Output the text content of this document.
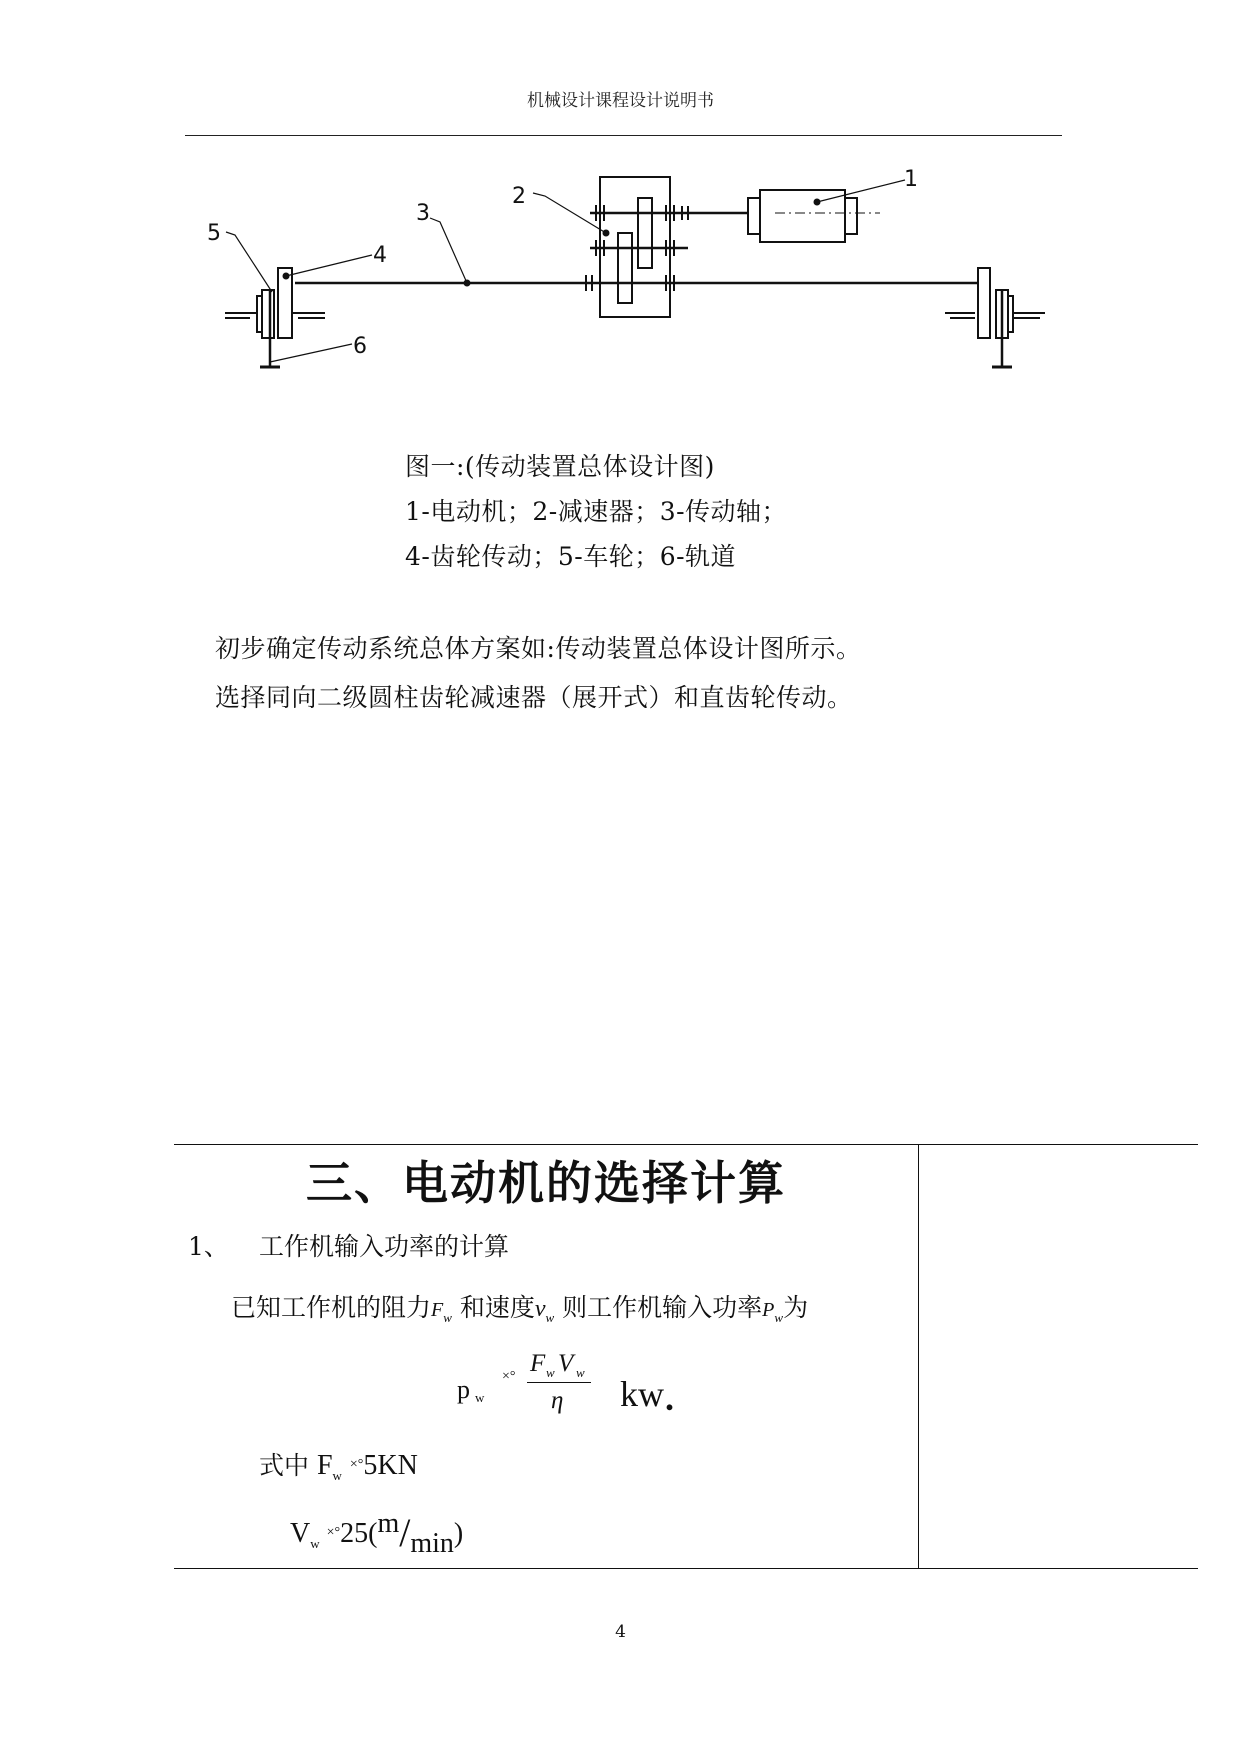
机械设计课程设计说明书
1
2
3
4
5
6
图一:(传动装置总体设计图)
1-电动机；2-减速器；3-传动轴；
4-齿轮传动；5-车轮；6-轨道
初步确定传动系统总体方案如:传动装置总体设计图所示。
选择同向二级圆柱齿轮减速器（展开式）和直齿轮传动。
三、电动机的选择计算
1、 工作机输入功率的计算
已知工作机的阻力$F_w$ 和速度$v_w$ 则工作机输入功率$P_w$为
p w
×° F w V w
η kw .
式中 $F_w$ ×°5KN
$V_w$ ×°25(m/min)
4
